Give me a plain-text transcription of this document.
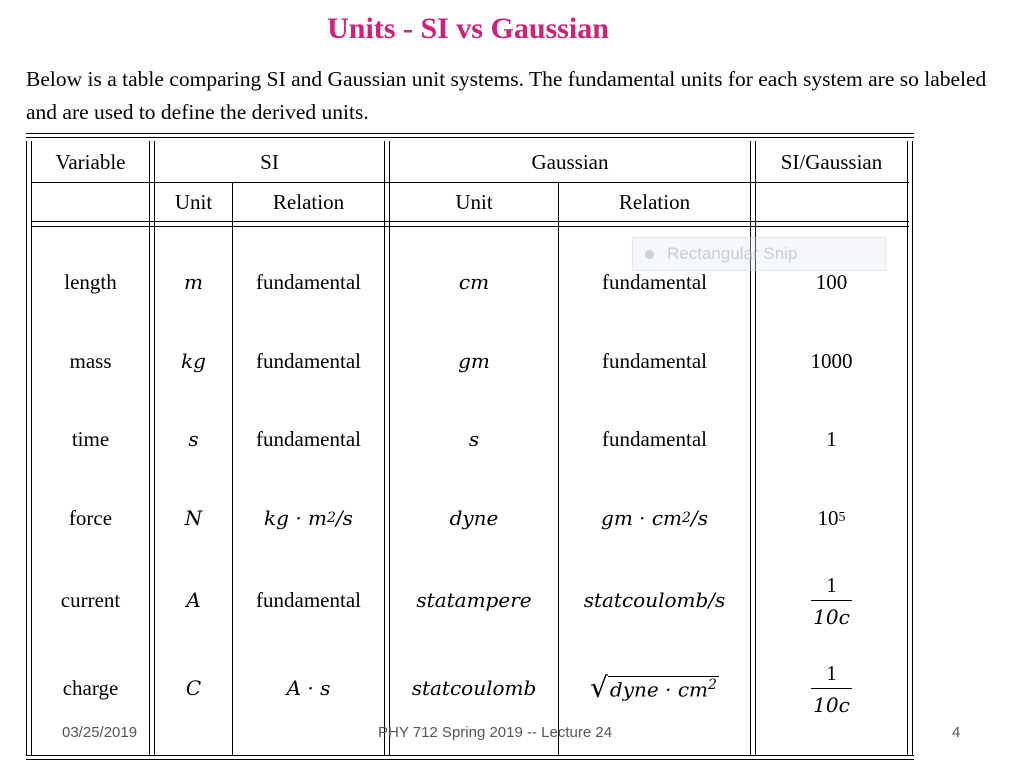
Units - SI vs Gaussian
Below is a table comparing SI and Gaussian unit systems. The fundamental units for each system are so labeled and are used to define the derived units.
Variable	SI	Gaussian	SI/Gaussian
Unit	Relation	Unit	Relation
length	m	fundamental	cm	fundamental	100
mass	kg	fundamental	gm	fundamental	1000
time	s	fundamental	s	fundamental	1
force	N	kg · m 2 /s	dyne	gm · cm 2 /s	10 5
current	A	fundamental	statampere	statcoulomb/s	$\frac{1}{10c}$
charge	C	A · s	statcoulomb	√ dyne · $cm^2$	$\frac{1}{10c}$
Rectangular Snip
03/25/2019	PHY 712 Spring 2019 -- Lecture 24	4
